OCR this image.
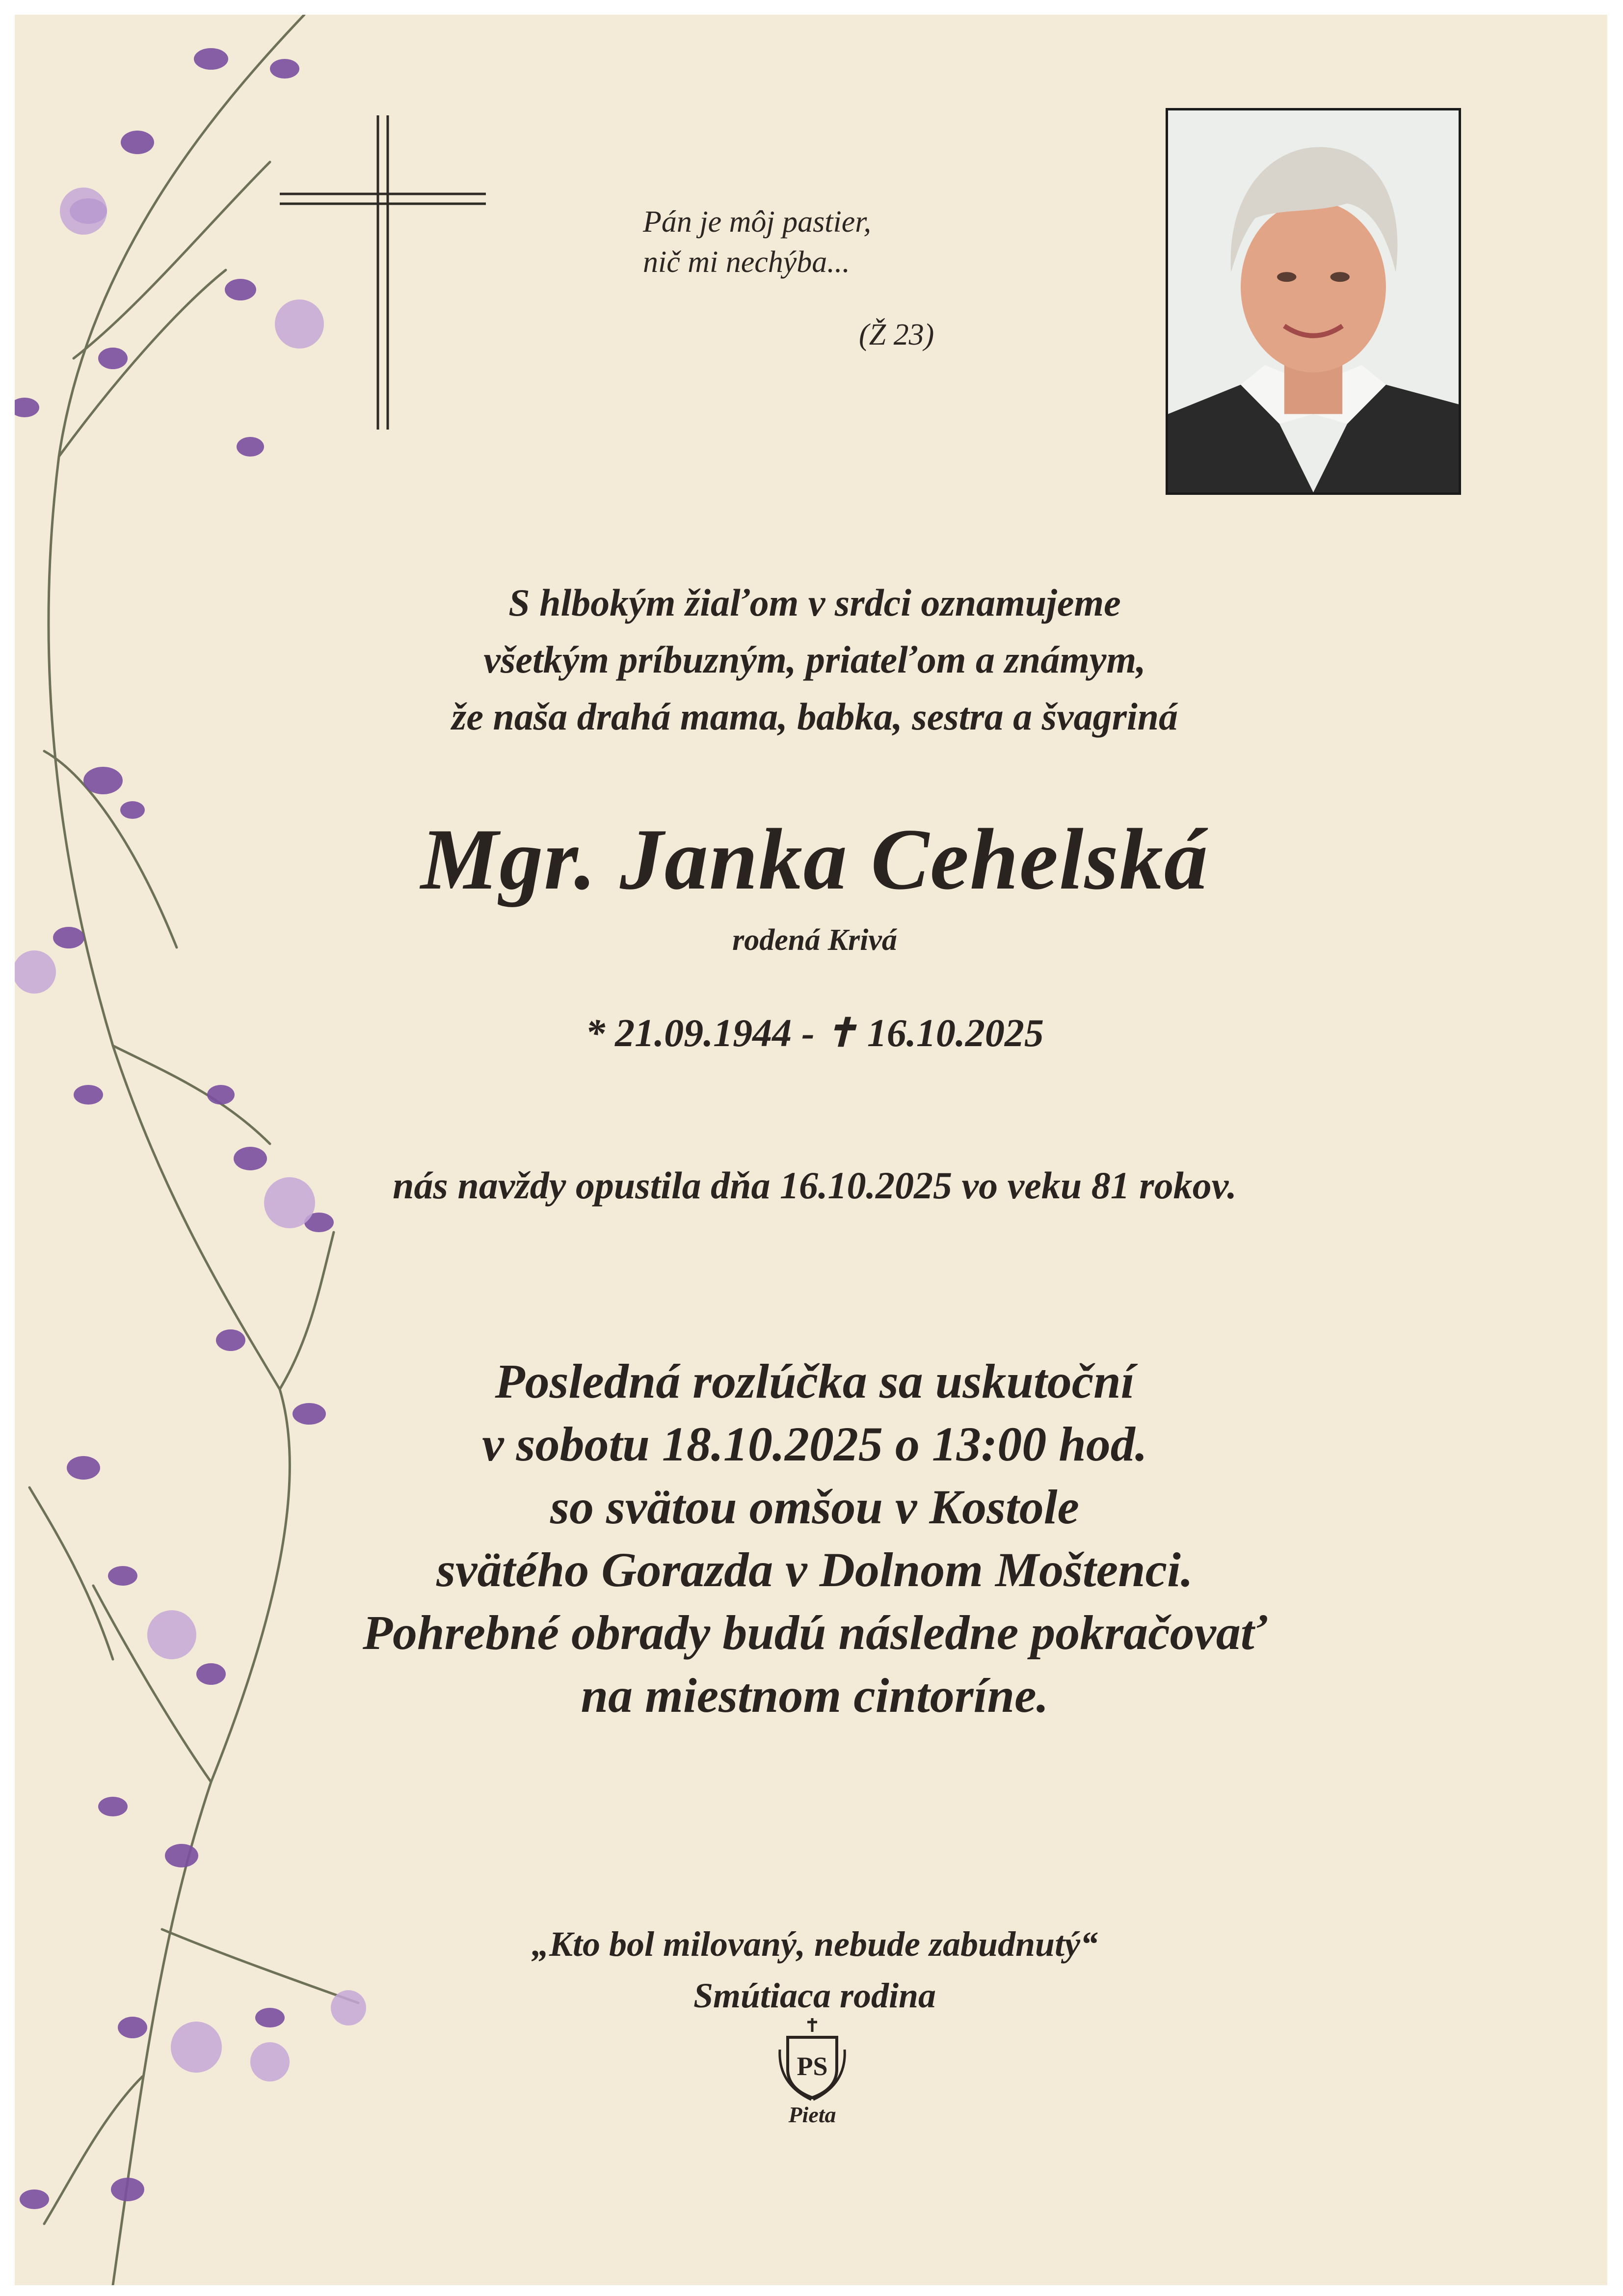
Pán je môj pastier,
nič mi nechýba...
(Ž 23)
S hlbokým žiaľom v srdci oznamujeme
všetkým príbuzným, priateľom a známym,
že naša drahá mama, babka, sestra a švagriná
Mgr. Janka Cehelská
rodená Krivá
* 21.09.1944 - ✝ 16.10.2025
nás navždy opustila dňa 16.10.2025 vo veku 81 rokov.
Posledná rozlúčka sa uskutoční
v sobotu 18.10.2025 o 13:00 hod.
so svätou omšou v Kostole
svätého Gorazda v Dolnom Moštenci.
Pohrebné obrady budú následne pokračovať
na miestnom cintoríne.
„Kto bol milovaný, nebude zabudnutý“
Smútiaca rodina
PS
Pieta
